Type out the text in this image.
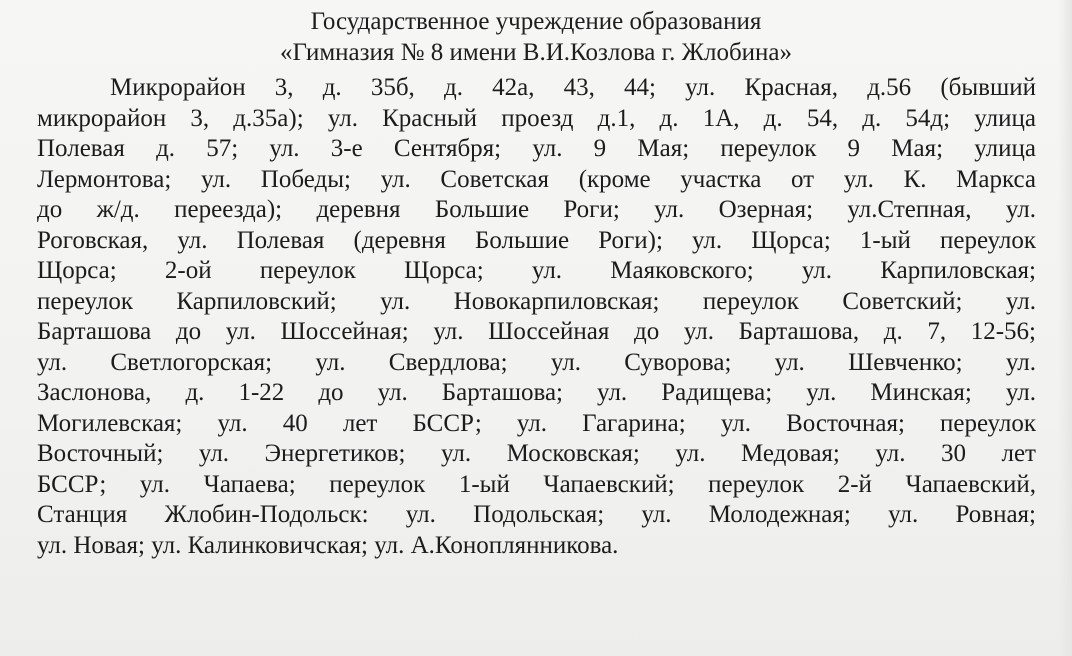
Государственное учреждение образования
«Гимназия № 8 имени В.И.Козлова г. Жлобина»
Микрорайон 3, д. 35б, д. 42а, 43, 44; ул. Красная, д.56 (бывший
микрорайон 3, д.35а); ул. Красный проезд д.1, д. 1А, д. 54, д. 54д; улица
Полевая д. 57; ул. 3-е Сентября; ул. 9 Мая; переулок 9 Мая; улица
Лермонтова; ул. Победы; ул. Советская (кроме участка от ул. К. Маркса
до ж/д. переезда); деревня Большие Роги; ул. Озерная; ул.Степная, ул.
Роговская, ул. Полевая (деревня Большие Роги); ул. Щорса; 1-ый переулок
Щорса; 2-ой переулок Щорса; ул. Маяковского; ул. Карпиловская;
переулок Карпиловский; ул. Новокарпиловская; переулок Советский; ул.
Барташова до ул. Шоссейная; ул. Шоссейная до ул. Барташова, д. 7, 12-56;
ул. Светлогорская; ул. Свердлова; ул. Суворова; ул. Шевченко; ул.
Заслонова, д. 1-22 до ул. Барташова; ул. Радищева; ул. Минская; ул.
Могилевская; ул. 40 лет БССР; ул. Гагарина; ул. Восточная; переулок
Восточный; ул. Энергетиков; ул. Московская; ул. Медовая; ул. 30 лет
БССР; ул. Чапаева; переулок 1-ый Чапаевский; переулок 2-й Чапаевский,
Станция Жлобин-Подольск: ул. Подольская; ул. Молодежная; ул. Ровная;
ул. Новая; ул. Калинковичская; ул. А.Коноплянникова.
